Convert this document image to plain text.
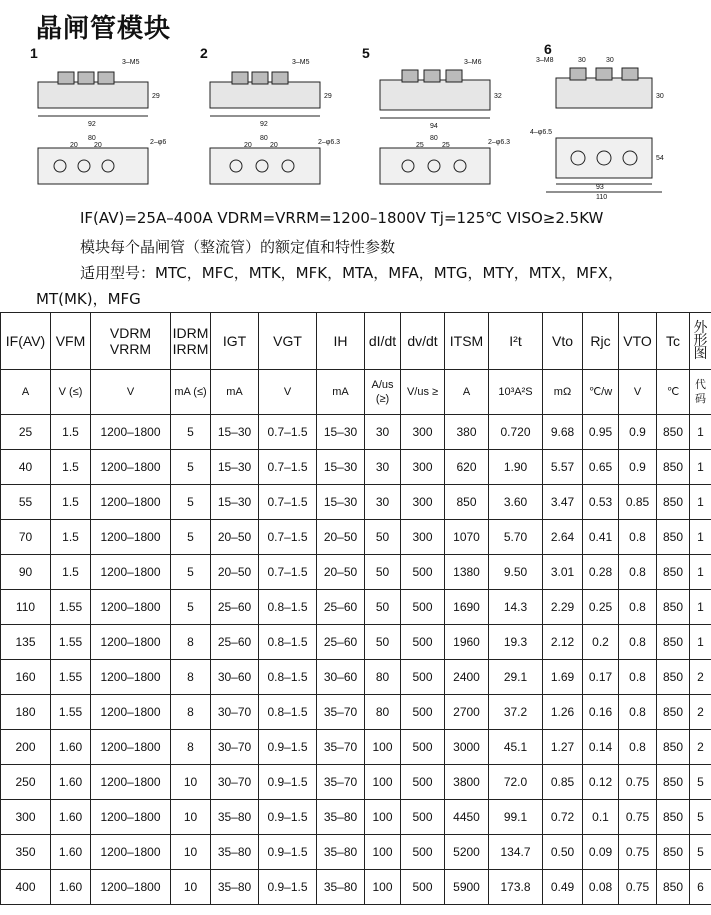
晶闸管模块
1
92
3–M5
29
80
20 20	2–φ6
2
92
3–M5
29
80
20	20	2–φ6.3
5
94
3–M6
32
80
25	25	2–φ6.3
6
30	30
3–M8
30
4–φ6.5
54
93
110
IF(AV)=25A–400A VDRM=VRRM=1200–1800V Tj=125℃ VISO≥2.5KW
模块每个晶闸管（整流管）的额定值和特性参数
适用型号：MTC，MFC，MTK，MFK，MTA，MFA，MTG，MTY，MTX，MFX，
MT(MK)，MFG
IF(AV)	VFM	VDRM VRRM	IDRM IRRM	IGT	VGT	IH	dI/dt	dv/dt	ITSM	I²t	Vto	Rjc	VTO	Tc	外形图
A	V (≤)	V	mA (≤)	mA	V	mA	A/us (≥)	V/us ≥	A	10³A²S	mΩ	℃/w	V	℃	代码
25	1.5	1200–1800	5	15–30	0.7–1.5	15–30	30	300	380	0.720	9.68	0.95	0.9	850	1
40	1.5	1200–1800	5	15–30	0.7–1.5	15–30	30	300	620	1.90	5.57	0.65	0.9	850	1
55	1.5	1200–1800	5	15–30	0.7–1.5	15–30	30	300	850	3.60	3.47	0.53	0.85	850	1
70	1.5	1200–1800	5	20–50	0.7–1.5	20–50	50	300	1070	5.70	2.64	0.41	0.8	850	1
90	1.5	1200–1800	5	20–50	0.7–1.5	20–50	50	500	1380	9.50	3.01	0.28	0.8	850	1
110	1.55	1200–1800	5	25–60	0.8–1.5	25–60	50	500	1690	14.3	2.29	0.25	0.8	850	1
135	1.55	1200–1800	8	25–60	0.8–1.5	25–60	50	500	1960	19.3	2.12	0.2	0.8	850	1
160	1.55	1200–1800	8	30–60	0.8–1.5	30–60	80	500	2400	29.1	1.69	0.17	0.8	850	2
180	1.55	1200–1800	8	30–70	0.8–1.5	35–70	80	500	2700	37.2	1.26	0.16	0.8	850	2
200	1.60	1200–1800	8	30–70	0.9–1.5	35–70	100	500	3000	45.1	1.27	0.14	0.8	850	2
250	1.60	1200–1800	10	30–70	0.9–1.5	35–70	100	500	3800	72.0	0.85	0.12	0.75	850	5
300	1.60	1200–1800	10	35–80	0.9–1.5	35–80	100	500	4450	99.1	0.72	0.1	0.75	850	5
350	1.60	1200–1800	10	35–80	0.9–1.5	35–80	100	500	5200	134.7	0.50	0.09	0.75	850	5
400	1.60	1200–1800	10	35–80	0.9–1.5	35–80	100	500	5900	173.8	0.49	0.08	0.75	850	6
